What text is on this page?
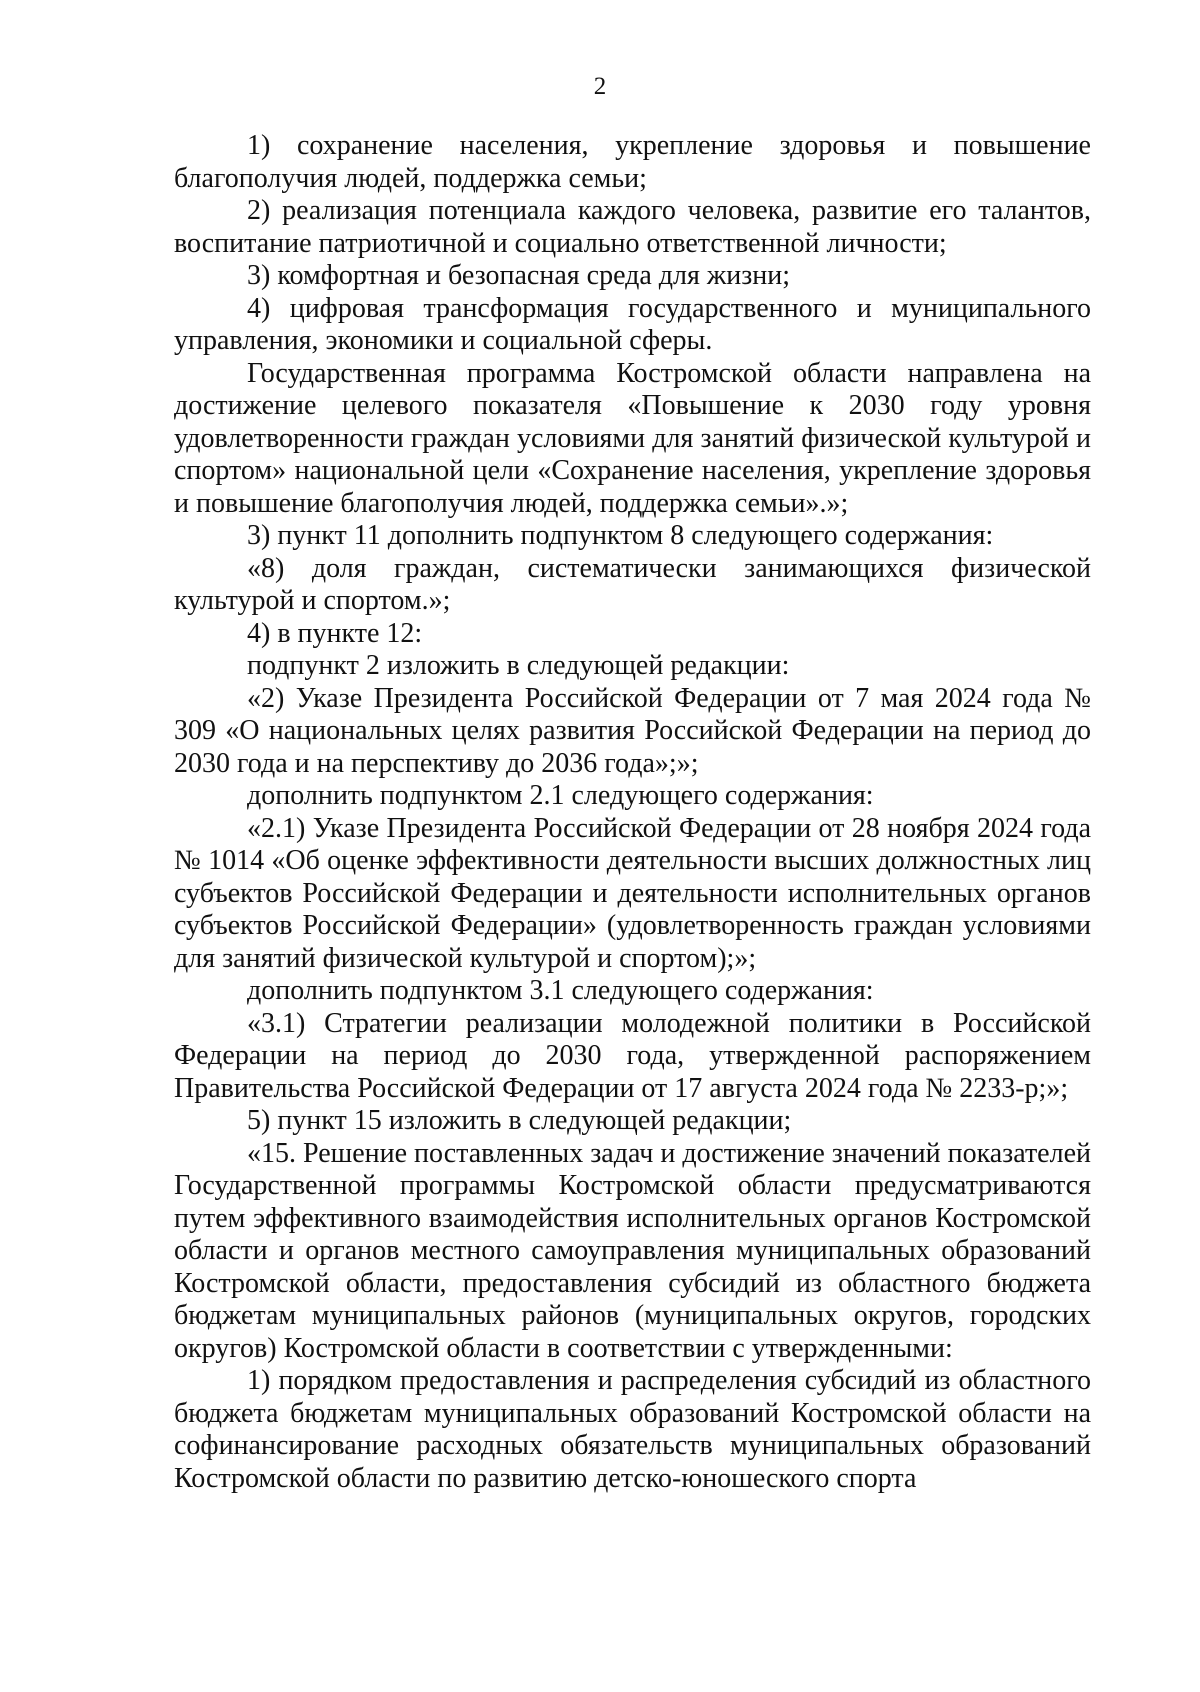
2

1) сохранение населения, укрепление здоровья и повышение благополучия людей, поддержка семьи;

2) реализация потенциала каждого человека, развитие его талантов, воспитание патриотичной и социально ответственной личности;

3) комфортная и безопасная среда для жизни;

4) цифровая трансформация государственного и муниципального управления, экономики и социальной сферы.

Государственная программа Костромской области направлена на достижение целевого показателя «Повышение к 2030 году уровня удовлетворенности граждан условиями для занятий физической культурой и спортом» национальной цели «Сохранение населения, укрепление здоровья и повышение благополучия людей, поддержка семьи».»;

3) пункт 11 дополнить подпунктом 8 следующего содержания:

«8) доля граждан, систематически занимающихся физической культурой и спортом.»;

4) в пункте 12:

подпункт 2 изложить в следующей редакции:

«2) Указе Президента Российской Федерации от 7 мая 2024 года № 309 «О национальных целях развития Российской Федерации на период до 2030 года и на перспективу до 2036 года»;»;

дополнить подпунктом 2.1 следующего содержания:

«2.1) Указе Президента Российской Федерации от 28 ноября 2024 года № 1014 «Об оценке эффективности деятельности высших должностных лиц субъектов Российской Федерации и деятельности исполнительных органов субъектов Российской Федерации» (удовлетворенность граждан условиями для занятий физической культурой и спортом);»;

дополнить подпунктом 3.1 следующего содержания:

«3.1) Стратегии реализации молодежной политики в Российской Федерации на период до 2030 года, утвержденной распоряжением Правительства Российской Федерации от 17 августа 2024 года № 2233-р;»;

5) пункт 15 изложить в следующей редакции;

«15. Решение поставленных задач и достижение значений показателей Государственной программы Костромской области предусматриваются путем эффективного взаимодействия исполнительных органов Костромской области и органов местного самоуправления муниципальных образований Костромской области, предоставления субсидий из областного бюджета бюджетам муниципальных районов (муниципальных округов, городских округов) Костромской области в соответствии с утвержденными:

1) порядком предоставления и распределения субсидий из областного бюджета бюджетам муниципальных образований Костромской области на софинансирование расходных обязательств муниципальных образований Костромской области по развитию детско-юношеского спорта
